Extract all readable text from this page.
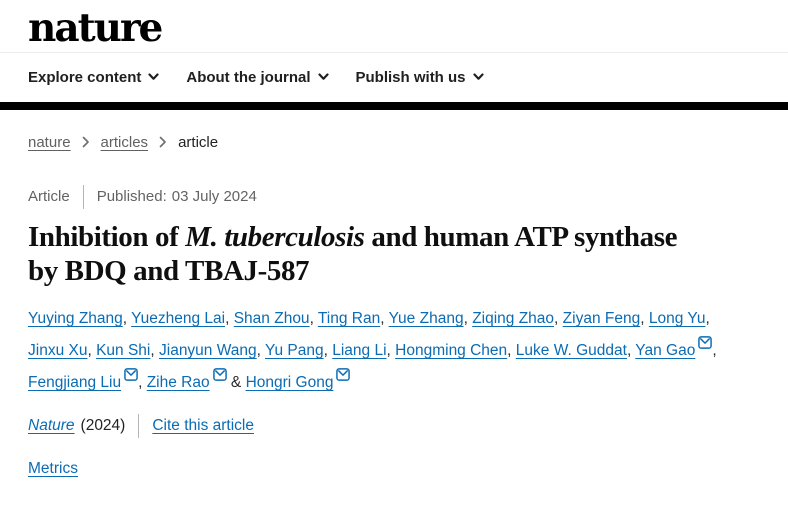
nature
Explore content	About the journal	Publish with us
nature articles article
Article Published: 03 July 2024
Inhibition of M. tuberculosis and human ATP synthase
by BDQ and TBAJ-587
Yuying Zhang, Yuezheng Lai, Shan Zhou, Ting Ran, Yue Zhang, Ziqing Zhao, Ziyan Feng, Long Yu, Jinxu Xu, Kun Shi, Jianyun Wang, Yu Pang, Liang Li, Hongming Chen, Luke W. Guddat, Yan Gao , Fengjiang Liu , Zihe Rao & Hongri Gong
Nature (2024) Cite this article
Metrics
